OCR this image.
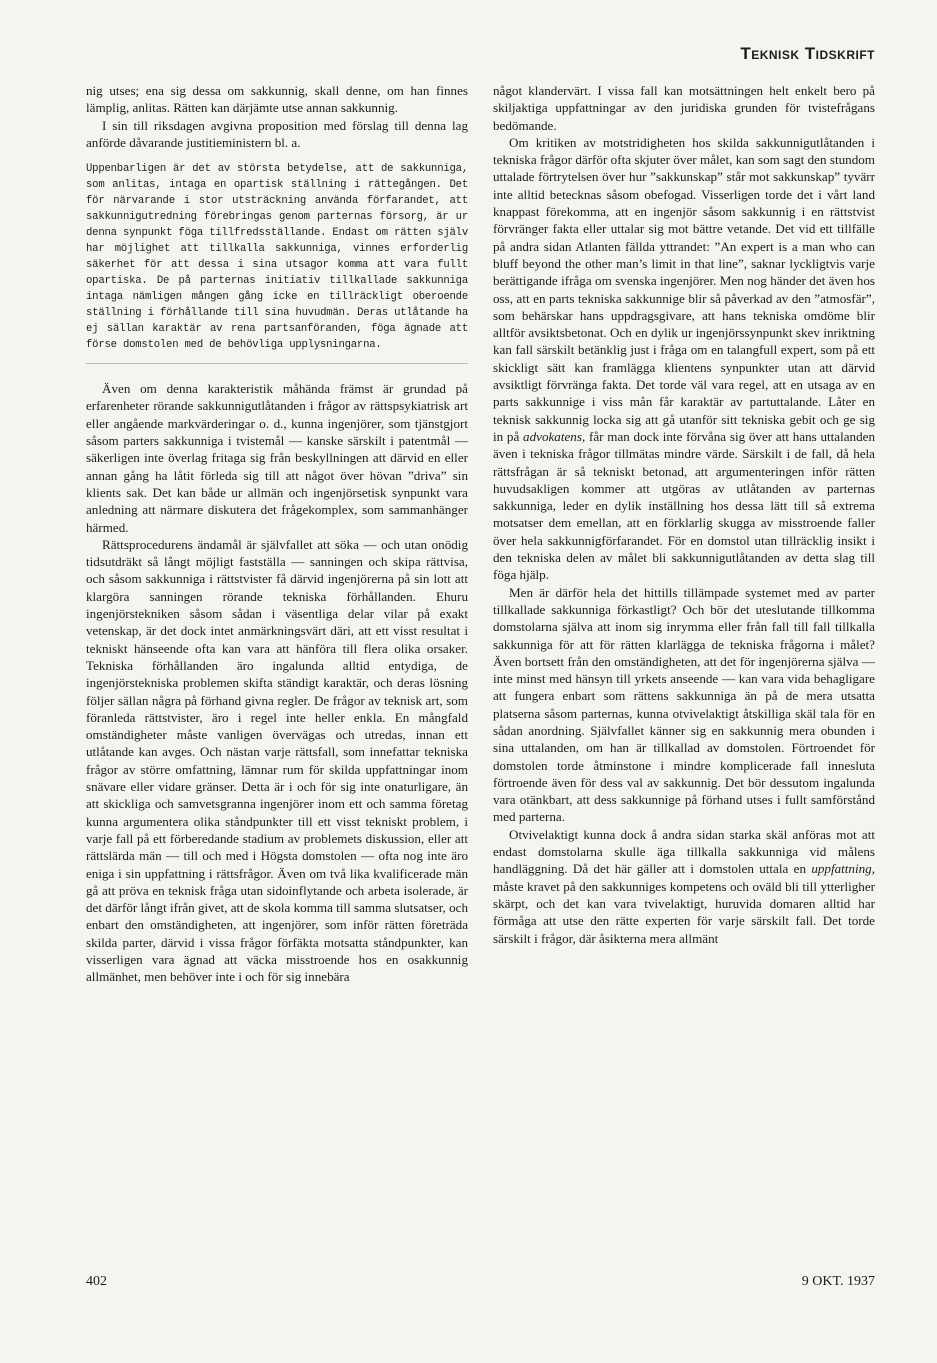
Teknisk Tidskrift

nig utses; ena sig dessa om sakkunnig, skall denne, om han finnes lämplig, anlitas. Rätten kan därjämte utse annan sakkunnig.

I sin till riksdagen avgivna proposition med förslag till denna lag anförde dåvarande justitieministern bl. a.

Uppenbarligen är det av största betydelse, att de sakkunniga, som anlitas, intaga en opartisk ställning i rättegången. Det för närvarande i stor utsträckning använda förfarandet, att sakkunnigutredning förebringas genom parternas försorg, är ur denna synpunkt föga tillfredsställande. Endast om rätten själv har möjlighet att tillkalla sakkunniga, vinnes erforderlig säkerhet för att dessa i sina utsagor komma att vara fullt opartiska. De på parternas initiativ tillkallade sakkunniga intaga nämligen mången gång icke en tillräckligt oberoende ställning i förhållande till sina huvudmän. Deras utlåtande ha ej sällan karaktär av rena partsanföranden, föga ägnade att förse domstolen med de behövliga upplysningarna.

Även om denna karakteristik måhända främst är grundad på erfarenheter rörande sakkunnigutlåtanden i frågor av rättspsykiatrisk art eller angående markvärderingar o. d., kunna ingenjörer, som tjänstgjort såsom parters sakkunniga i tvistemål — kanske särskilt i patentmål — säkerligen inte överlag fritaga sig från beskyllningen att därvid en eller annan gång ha låtit förleda sig till att något över hövan ”driva” sin klients sak. Det kan både ur allmän och ingenjörsetisk synpunkt vara anledning att närmare diskutera det frågekomplex, som sammanhänger härmed.

Rättsprocedurens ändamål är självfallet att söka — och utan onödig tidsutdräkt så långt möjligt fastställa — sanningen och skipa rättvisa, och såsom sakkunniga i rättstvister få därvid ingenjörerna på sin lott att klargöra sanningen rörande tekniska förhållanden. Ehuru ingenjörstekniken såsom sådan i väsentliga delar vilar på exakt vetenskap, är det dock intet anmärkningsvärt däri, att ett visst resultat i tekniskt hänseende ofta kan vara att hänföra till flera olika orsaker. Tekniska förhållanden äro ingalunda alltid entydiga, de ingenjörstekniska problemen skifta ständigt karaktär, och deras lösning följer sällan några på förhand givna regler. De frågor av teknisk art, som föranleda rättstvister, äro i regel inte heller enkla. En mångfald omständigheter måste vanligen övervägas och utredas, innan ett utlåtande kan avges. Och nästan varje rättsfall, som innefattar tekniska frågor av större omfattning, lämnar rum för skilda uppfattningar inom snävare eller vidare gränser. Detta är i och för sig inte onaturligare, än att skickliga och samvetsgranna ingenjörer inom ett och samma företag kunna argumentera olika ståndpunkter till ett visst tekniskt problem, i varje fall på ett förberedande stadium av problemets diskussion, eller att rättslärda män — till och med i Högsta domstolen — ofta nog inte äro eniga i sin uppfattning i rättsfrågor. Även om två lika kvalificerade män gå att pröva en teknisk fråga utan sidoinflytande och arbeta isolerade, är det därför långt ifrån givet, att de skola komma till samma slutsatser, och enbart den omständigheten, att ingenjörer, som inför rätten företräda skilda parter, därvid i vissa frågor förfäkta motsatta ståndpunkter, kan visserligen vara ägnad att väcka misstroende hos en osakkunnig allmänhet, men behöver inte i och för sig innebära

något klandervärt. I vissa fall kan motsättningen helt enkelt bero på skiljaktiga uppfattningar av den juridiska grunden för tvistefrågans bedömande.

Om kritiken av motstridigheten hos skilda sakkunnigutlåtanden i tekniska frågor därför ofta skjuter över målet, kan som sagt den stundom uttalade förtrytelsen över hur ”sakkunskap” står mot sakkunskap” tyvärr inte alltid betecknas såsom obefogad. Visserligen torde det i vårt land knappast förekomma, att en ingenjör såsom sakkunnig i en rättstvist förvränger fakta eller uttalar sig mot bättre vetande. Det vid ett tillfälle på andra sidan Atlanten fällda yttrandet: ”An expert is a man who can bluff beyond the other man’s limit in that line”, saknar lyckligtvis varje berättigande ifråga om svenska ingenjörer. Men nog händer det även hos oss, att en parts tekniska sakkunnige blir så påverkad av den ”atmosfär”, som behärskar hans uppdragsgivare, att hans tekniska omdöme blir alltför avsiktsbetonat. Och en dylik ur ingenjörssynpunkt skev inriktning kan fall särskilt betänklig just i fråga om en talangfull expert, som på ett skickligt sätt kan framlägga klientens synpunkter utan att därvid avsiktligt förvränga fakta. Det torde väl vara regel, att en utsaga av en parts sakkunnige i viss mån får karaktär av partuttalande. Låter en teknisk sakkunnig locka sig att gå utanför sitt tekniska gebit och ge sig in på advokatens, får man dock inte förvåna sig över att hans uttalanden även i tekniska frågor tillmätas mindre värde. Särskilt i de fall, då hela rättsfrågan är så tekniskt betonad, att argumenteringen inför rätten huvudsakligen kommer att utgöras av utlåtanden av parternas sakkunniga, leder en dylik inställning hos dessa lätt till så extrema motsatser dem emellan, att en förklarlig skugga av misstroende faller över hela sakkunnigförfarandet. För en domstol utan tillräcklig insikt i den tekniska delen av målet bli sakkunnigutlåtanden av detta slag till föga hjälp.

Men är därför hela det hittills tillämpade systemet med av parter tillkallade sakkunniga förkastligt? Och bör det uteslutande tillkomma domstolarna själva att inom sig inrymma eller från fall till fall tillkalla sakkunniga för att för rätten klarlägga de tekniska frågorna i målet? Även bortsett från den omständigheten, att det för ingenjörerna själva — inte minst med hänsyn till yrkets anseende — kan vara vida behagligare att fungera enbart som rättens sakkunniga än på de mera utsatta platserna såsom parternas, kunna otvivelaktigt åtskilliga skäl tala för en sådan anordning. Självfallet känner sig en sakkunnig mera obunden i sina uttalanden, om han är tillkallad av domstolen. Förtroendet för domstolen torde åtminstone i mindre komplicerade fall innesluta förtroende även för dess val av sakkunnig. Det bör dessutom ingalunda vara otänkbart, att dess sakkunnige på förhand utses i fullt samförstånd med parterna.

Otvivelaktigt kunna dock å andra sidan starka skäl anföras mot att endast domstolarna skulle äga tillkalla sakkunniga vid målens handläggning. Då det här gäller att i domstolen uttala en uppfattning, måste kravet på den sakkunniges kompetens och oväld bli till ytterligher skärpt, och det kan vara tvivelaktigt, huruvida domaren alltid har förmåga att utse den rätte experten för varje särskilt fall. Det torde särskilt i frågor, där åsikterna mera allmänt

402	9 OKT. 1937
